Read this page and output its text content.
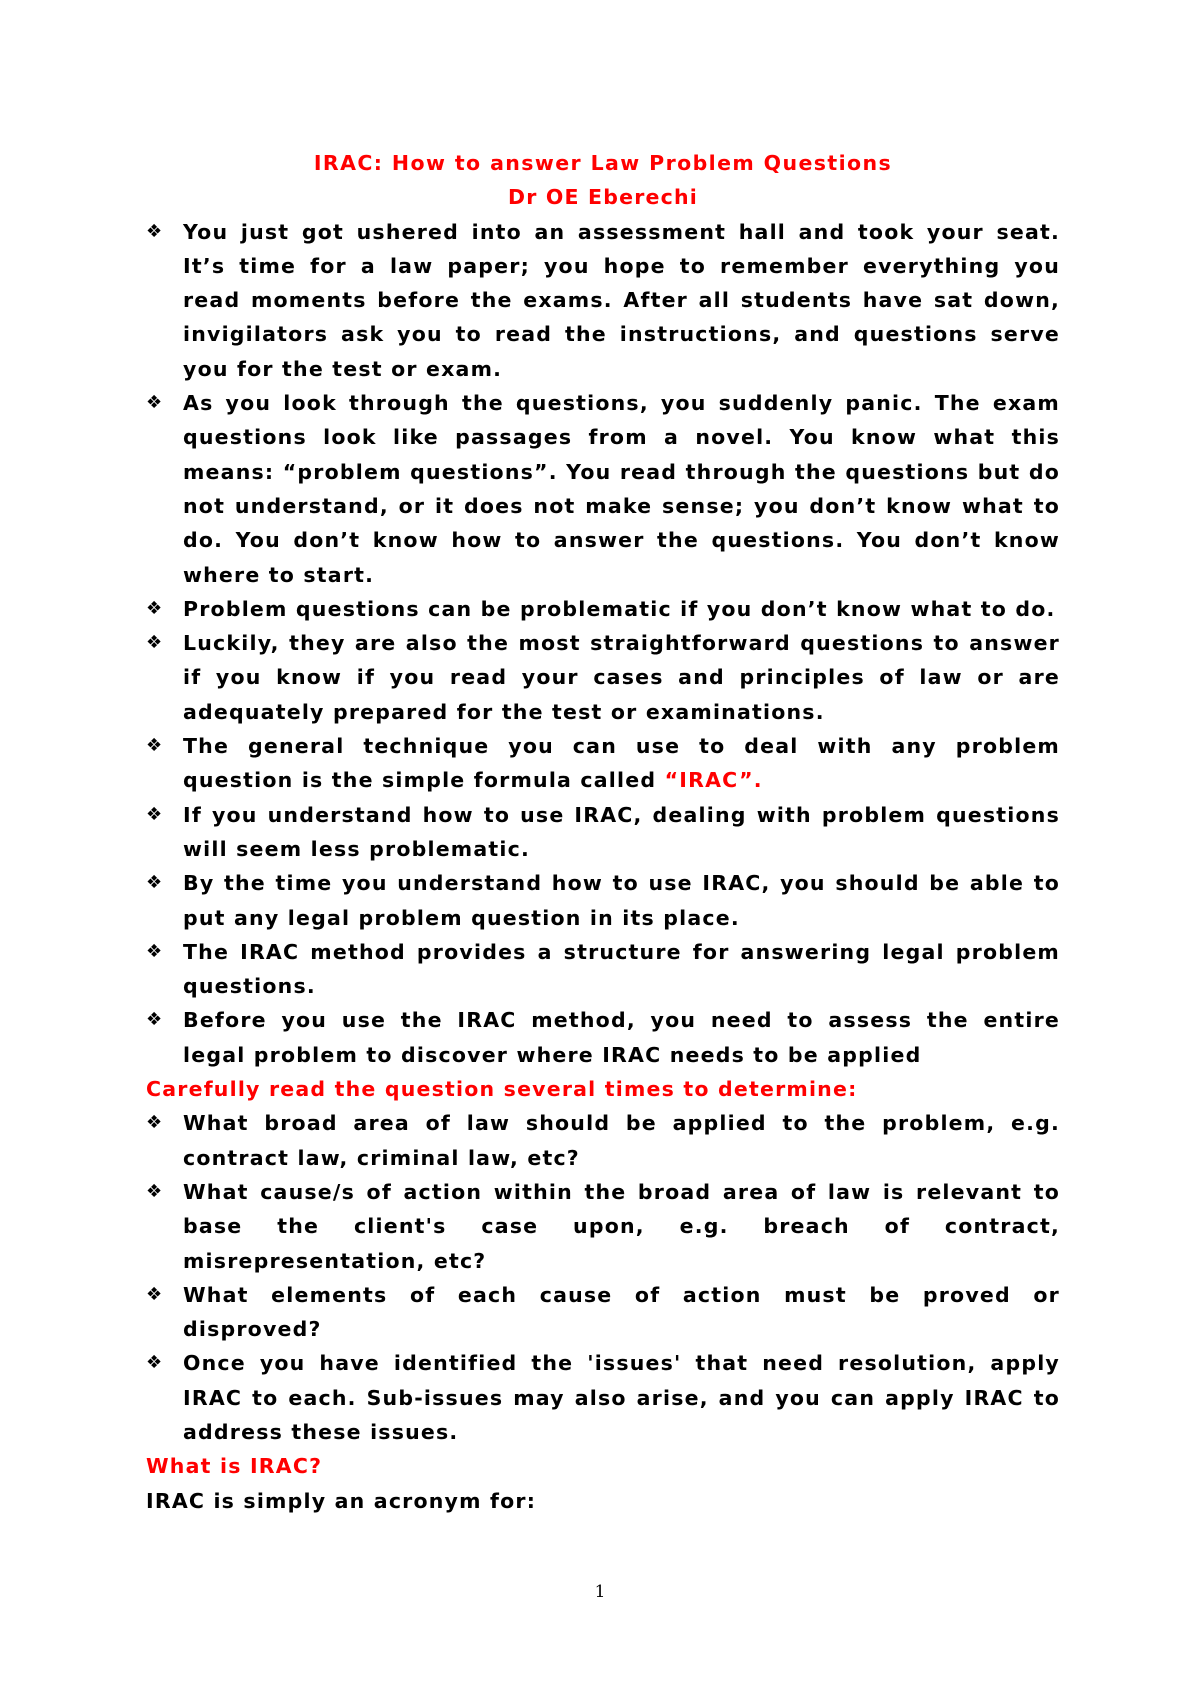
IRAC: How to answer Law Problem Questions
Dr OE Eberechi
❖	You just got ushered into an assessment hall and took your seat. It’s time for a law paper; you hope to remember everything you read moments before the exams. After all students have sat down, invigilators ask you to read the instructions, and questions serve you for the test or exam.
❖	As you look through the questions, you suddenly panic. The exam questions look like passages from a novel. You know what this means: “problem questions”. You read through the questions but do not understand, or it does not make sense; you don’t know what to do. You don’t know how to answer the questions. You don’t know where to start.
❖	Problem questions can be problematic if you don’t know what to do.
❖	Luckily, they are also the most straightforward questions to answer if you know if you read your cases and principles of law or are adequately prepared for the test or examinations.
❖	The general technique you can use to deal with any problem question is the simple formula called “IRAC”.
❖	If you understand how to use IRAC, dealing with problem questions will seem less problematic.
❖	By the time you understand how to use IRAC, you should be able to put any legal problem question in its place.
❖	The IRAC method provides a structure for answering legal problem questions.
❖	Before you use the IRAC method, you need to assess the entire legal problem to discover where IRAC needs to be applied
Carefully read the question several times to determine:
❖	What broad area of law should be applied to the problem, e.g. contract law, criminal law, etc?
❖	What cause/s of action within the broad area of law is relevant to base the client's case upon, e.g. breach of contract, misrepresentation, etc?
❖	What elements of each cause of action must be proved or disproved?
❖	Once you have identified the 'issues' that need resolution, apply IRAC to each. Sub-issues may also arise, and you can apply IRAC to address these issues.
What is IRAC?
IRAC is simply an acronym for:
1
